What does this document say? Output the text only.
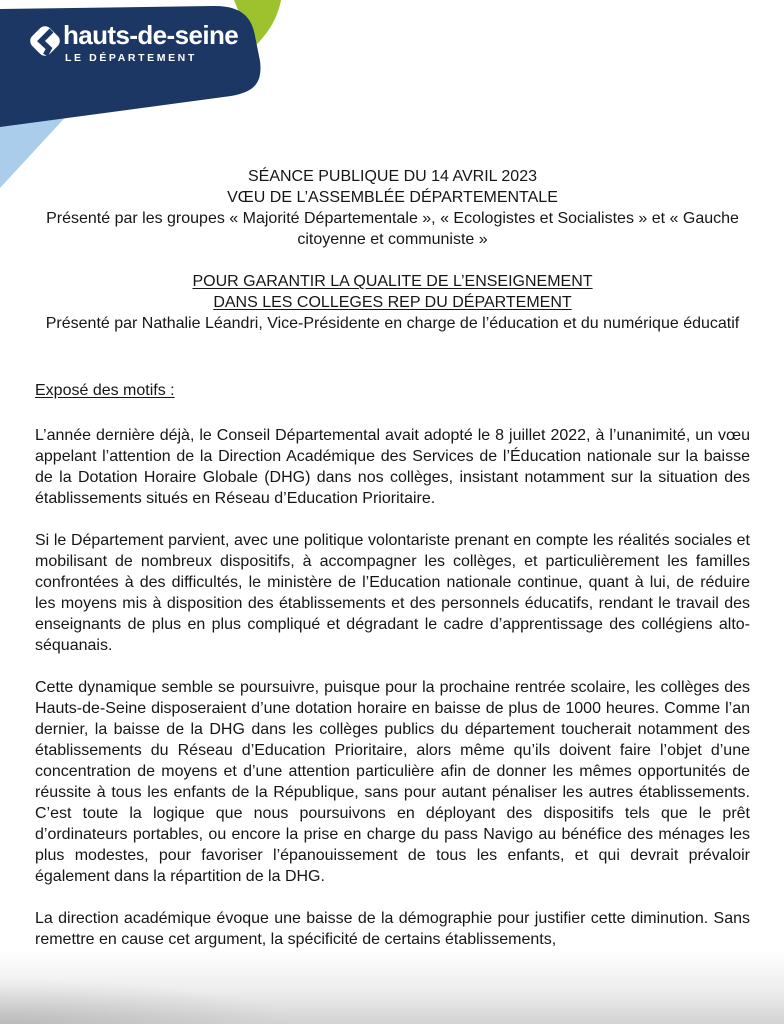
hauts-de-seine
LE DÉPARTEMENT
SÉANCE PUBLIQUE DU 14 AVRIL 2023
VŒU DE L’ASSEMBLÉE DÉPARTEMENTALE
Présenté par les groupes « Majorité Départementale », « Ecologistes et Socialistes » et « Gauche citoyenne et communiste »
POUR GARANTIR LA QUALITE DE L’ENSEIGNEMENT
DANS LES COLLEGES REP DU DÉPARTEMENT
Présenté par Nathalie Léandri, Vice-Présidente en charge de l’éducation et du numérique éducatif
Exposé des motifs :

L’année dernière déjà, le Conseil Départemental avait adopté le 8 juillet 2022, à l’unanimité, un vœu appelant l’attention de la Direction Académique des Services de l’Éducation nationale sur la baisse de la Dotation Horaire Globale (DHG) dans nos collèges, insistant notamment sur la situation des établissements situés en Réseau d’Education Prioritaire.

Si le Département parvient, avec une politique volontariste prenant en compte les réalités sociales et mobilisant de nombreux dispositifs, à accompagner les collèges, et particulièrement les familles confrontées à des difficultés, le ministère de l’Education nationale continue, quant à lui, de réduire les moyens mis à disposition des établissements et des personnels éducatifs, rendant le travail des enseignants de plus en plus compliqué et dégradant le cadre d’apprentissage des collégiens alto-séquanais.

Cette dynamique semble se poursuivre, puisque pour la prochaine rentrée scolaire, les collèges des Hauts-de-Seine disposeraient d’une dotation horaire en baisse de plus de 1000 heures. Comme l’an dernier, la baisse de la DHG dans les collèges publics du département toucherait notamment des établissements du Réseau d’Education Prioritaire, alors même qu’ils doivent faire l’objet d’une concentration de moyens et d’une attention particulière afin de donner les mêmes opportunités de réussite à tous les enfants de la République, sans pour autant pénaliser les autres établissements. C’est toute la logique que nous poursuivons en déployant des dispositifs tels que le prêt d’ordinateurs portables, ou encore la prise en charge du pass Navigo au bénéfice des ménages les plus modestes, pour favoriser l’épanouissement de tous les enfants, et qui devrait prévaloir également dans la répartition de la DHG.

La direction académique évoque une baisse de la démographie pour justifier cette diminution. Sans remettre en cause cet argument, la spécificité de certains établissements,
